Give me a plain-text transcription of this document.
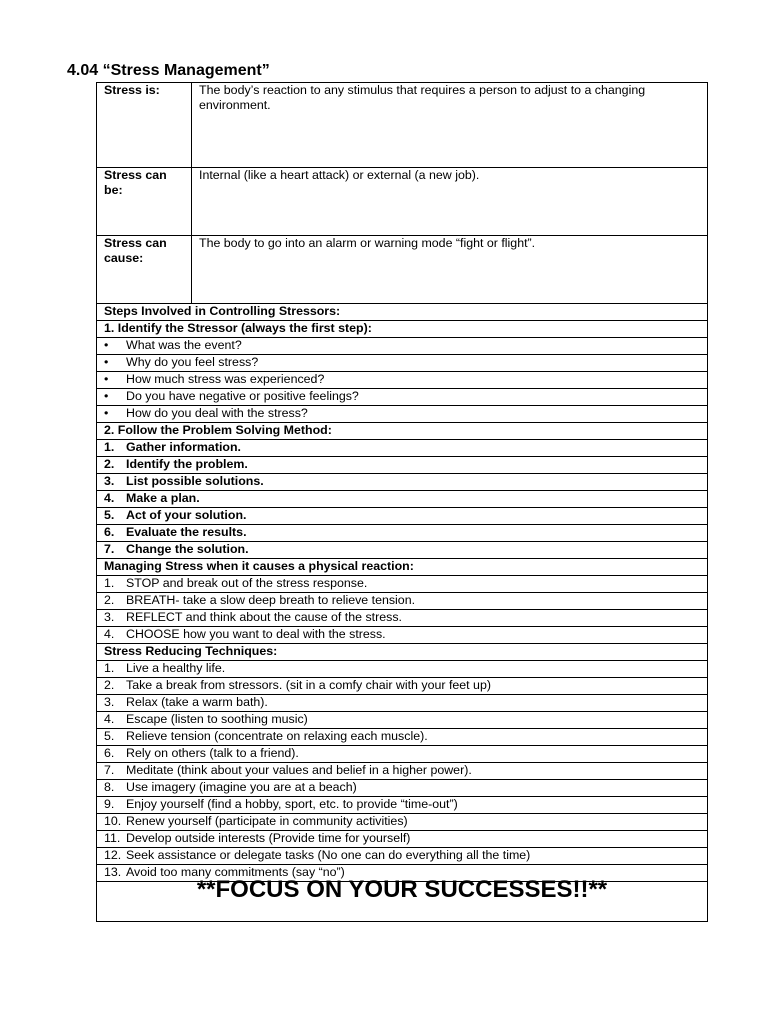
4.04 “Stress Management”
Stress is:	The body’s reaction to any stimulus that requires a person to adjust to a changing environment.
Stress can be:	Internal (like a heart attack) or external (a new job).
Stress can cause:	The body to go into an alarm or warning mode “fight or flight”.
Steps Involved in Controlling Stressors:	
1. Identify the Stressor (always the first step):	
• What was the event?	
• Why do you feel stress?	
• How much stress was experienced?	
• Do you have negative or positive feelings?	
• How do you deal with the stress?	
2. Follow the Problem Solving Method:	
1. Gather information.	
2. Identify the problem.	
3. List possible solutions.	
4. Make a plan.	
5. Act of your solution.	
6. Evaluate the results.	
7. Change the solution.	
Managing Stress when it causes a physical reaction:	
1. STOP and break out of the stress response.	
2. BREATH- take a slow deep breath to relieve tension.	
3. REFLECT and think about the cause of the stress.	
4. CHOOSE how you want to deal with the stress.	
Stress Reducing Techniques:	
1. Live a healthy life.	
2. Take a break from stressors. (sit in a comfy chair with your feet up)	
3. Relax (take a warm bath).	
4. Escape (listen to soothing music)	
5. Relieve tension (concentrate on relaxing each muscle).	
6. Rely on others (talk to a friend).	
7. Meditate (think about your values and belief in a higher power).	
8. Use imagery (imagine you are at a beach)	
9. Enjoy yourself (find a hobby, sport, etc. to provide “time-out”)	
10. Renew yourself (participate in community activities)	
11. Develop outside interests (Provide time for yourself)	
12. Seek assistance or delegate tasks (No one can do everything all the time)	
13. Avoid too many commitments (say “no”)	
**FOCUS ON YOUR SUCCESSES!!**	
